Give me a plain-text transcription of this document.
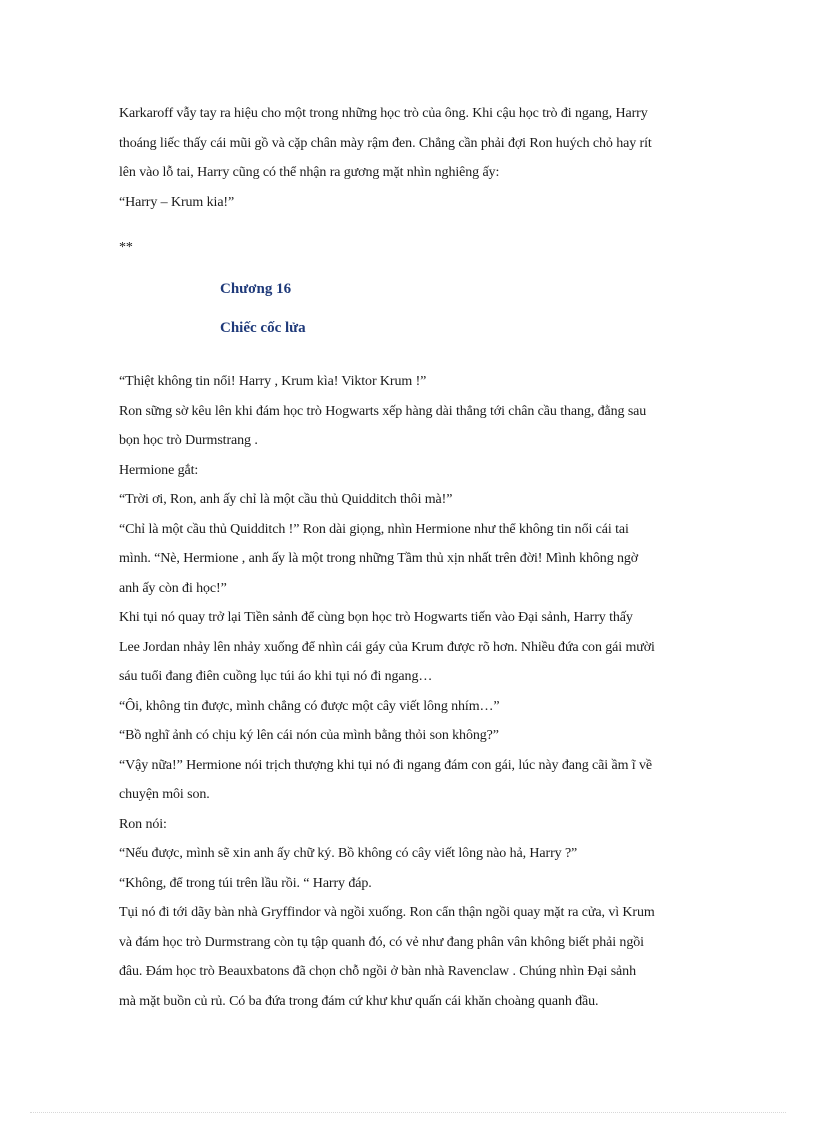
Karkaroff vẫy tay ra hiệu cho một trong những học trò của ông. Khi cậu học trò đi ngang, Harry
thoáng liếc thấy cái mũi gồ và cặp chân mày rậm đen. Chẳng cần phải đợi Ron huých chỏ hay rít
lên vào lỗ tai, Harry cũng có thể nhận ra gương mặt nhìn nghiêng ấy:
“Harry – Krum kia!”
**
Chương 16
Chiếc cốc lửa
“Thiệt không tin nổi! Harry , Krum kìa! Viktor Krum !”
Ron sững sờ kêu lên khi đám học trò Hogwarts xếp hàng dài thẳng tới chân cầu thang, đằng sau
bọn học trò Durmstrang .
Hermione gắt:
“Trời ơi, Ron, anh ấy chỉ là một cầu thủ Quidditch thôi mà!”
“Chỉ là một cầu thủ Quidditch !” Ron dài giọng, nhìn Hermione như thể không tin nổi cái tai
mình. “Nè, Hermione , anh ấy là một trong những Tầm thủ xịn nhất trên đời! Mình không ngờ
anh ấy còn đi học!”
Khi tụi nó quay trở lại Tiền sảnh để cùng bọn học trò Hogwarts tiến vào Đại sảnh, Harry thấy
Lee Jordan nhảy lên nhảy xuống để nhìn cái gáy của Krum được rõ hơn. Nhiều đứa con gái mười
sáu tuổi đang điên cuồng lục túi áo khi tụi nó đi ngang…
“Ôi, không tin được, mình chẳng có được một cây viết lông nhím…”
“Bồ nghĩ ảnh có chịu ký lên cái nón của mình bằng thỏi son không?”
“Vậy nữa!” Hermione nói trịch thượng khi tụi nó đi ngang đám con gái, lúc này đang cãi ầm ĩ về
chuyện môi son.
Ron nói:
“Nếu được, mình sẽ xin anh ấy chữ ký. Bồ không có cây viết lông nào hả, Harry ?”
“Không, để trong túi trên lầu rồi. “ Harry đáp.
Tụi nó đi tới dãy bàn nhà Gryffindor và ngồi xuống. Ron cẩn thận ngồi quay mặt ra cửa, vì Krum
và đám học trò Durmstrang còn tụ tập quanh đó, có vẻ như đang phân vân không biết phải ngồi
đâu. Đám học trò Beauxbatons đã chọn chỗ ngồi ở bàn nhà Ravenclaw . Chúng nhìn Đại sảnh
mà mặt buồn củ rủ. Có ba đứa trong đám cứ khư khư quấn cái khăn choàng quanh đầu.
